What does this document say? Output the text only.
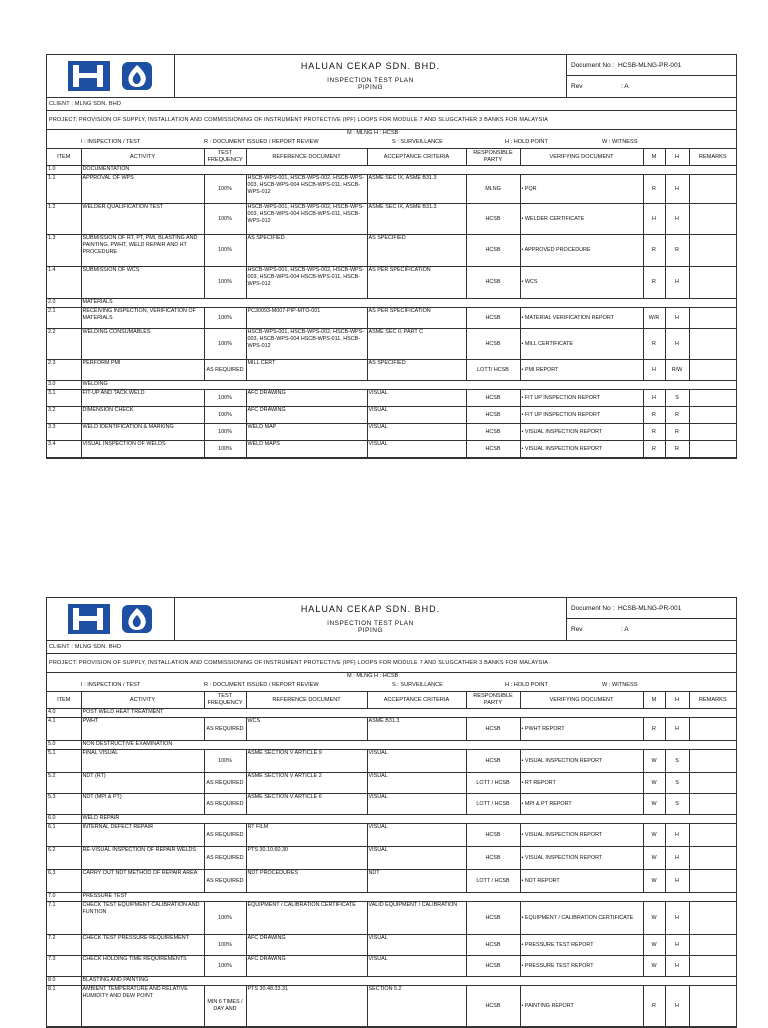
C
HALUAN CEKAP SDN. BHD.
INSPECTION TEST PLAN
PIPING
Document No :
HCSB-MLNG-PR-001
Rev	: A
CLIENT : MLNG SDN. BHD
PROJECT: PROVISION OF SUPPLY, INSTALLATION AND COMMISSIONING OF INSTRUMENT PROTECTIVE (IPF) LOOPS FOR MODULE 7 AND SLUGCATHER 3 BANKS FOR MALAYSIA
M : MLNG H : HCSB
I : INSPECTION / TEST	R : DOCUMENT ISSUED / REPORT REVIEW	S : SURVEILLANCE	H : HOLD POINT	W : WITNESS
ITEM	ACTIVITY	TEST FREQUENCY	REFERENCE DOCUMENT	ACCEPTANCE CRITERIA	RESPONSIBLE PARTY	VERIFYING DOCUMENT	M	H	REMARKS
1.0	DOCUMENTATION								
1.1	APPROVAL OF WPS	100%	HSCB-WPS-001, HSCB-WPS-002, HSCB-WPS-003, HSCB-WPS-004 HSCB-WPS-011, HSCB-WPS-012	ASME SEC IX, ASME B31.3	MLNG	• PQR	R	H	
1.2	WELDER QUALIFICATION TEST	100%	HSCB-WPS-001, HSCB-WPS-002, HSCB-WPS-003, HSCB-WPS-004 HSCB-WPS-011, HSCB-WPS-012	ASME SEC IX, ASME B31.3	HCSB	• WELDER CERTIFICATE	H	H	
1.3	SUBMISSION OF RT, PT, PMI, BLASTING AND PAINTING, PWHT, WELD REPAIR AND HT PROCEDURE	100%	AS SPECIFIED	AS SPECIFIED	HCSB	• APPROVED PROCEDURE	R	R	
1.4	SUBMISSION OF WCS	100%	HSCB-WPS-001, HSCB-WPS-002, HSCB-WPS-003, HSCB-WPS-004 HSCB-WPS-011, HSCB-WPS-012	AS PER SPECIFICATION	HCSB	• WCS	R	H	
2.0	MATERIALS								
2.1	RECEIVING INSPECTION, VERIFICATION OF MATERIALS	100%	PC30093-M007-PIP-MTO-001	AS PER SPECIFICATION	HCSB	• MATERIAL VERIFICATION REPORT	W/R	H	
2.2	WELDING CONSUMABLES	100%	HSCB-WPS-001, HSCB-WPS-002, HSCB-WPS-003, HSCB-WPS-004 HSCB-WPS-011, HSCB-WPS-012	ASME SEC II, PART C	HCSB	• MILL CERTIFICATE	R	H	
2.3	PERFORM PMI	AS REQUIRED	MILL CERT	AS SPECIFIED	LOTT/ HCSB	• PMI REPORT	H	R/W	
3.0	WELDING								
3.1	FIT-UP AND TACK WELD	100%	AFC DRAWING	VISUAL	HCSB	• FIT UP INSPECTION REPORT	H	S	
3.2	DIMENSION CHECK	100%	AFC DRAWING	VISUAL	HCSB	• FIT UP INSPECTION REPORT	R	R	
3.3	WELD IDENTIFICATION & MARKING	100%	WELD MAP	VISUAL	HCSB	• VISUAL INSPECTION REPORT	R	R	
3.4	VISUAL INSPECTION OF WELDS	100%	WELD MAPS	VISUAL	HCSB	• VISUAL INSPECTION REPORT	R	R	
C
HALUAN CEKAP SDN. BHD.
INSPECTION TEST PLAN
PIPING
Document No :
HCSB-MLNG-PR-001
Rev	: A
CLIENT : MLNG SDN. BHD
PROJECT: PROVISION OF SUPPLY, INSTALLATION AND COMMISSIONING OF INSTRUMENT PROTECTIVE (IPF) LOOPS FOR MODULE 7 AND SLUGCATHER 3 BANKS FOR MALAYSIA
M : MLNG H : HCSB
I : INSPECTION / TEST	R : DOCUMENT ISSUED / REPORT REVIEW	S : SURVEILLANCE	H : HOLD POINT	W : WITNESS
ITEM	ACTIVITY	TEST FREQUENCY	REFERENCE DOCUMENT	ACCEPTANCE CRITERIA	RESPONSIBLE PARTY	VERIFYING DOCUMENT	M	H	REMARKS
4.0	POST WELD HEAT TREATMENT								
4.1	PWHT	AS REQUIRED	WCS	ASME B31.3	HCSB	• PWHT REPORT	R	H	
5.0	NON DESTRUCTIVE EXAMINATION								
5.1	FINAL VISUAL	100%	ASME SECTION V ARTICLE 9	VISUAL	HCSB	• VISUAL INSPECTION REPORT	W	S	
5.2	NDT (RT)	AS REQUIRED	ASME SECTION V ARTICLE 2	VISUAL	LOTT / HCSB	• RT REPORT	W	S	
5.3	NDT (MPI & PT)	AS REQUIRED	ASME SECTION V ARTICLE 6	VISUAL	LOTT / HCSB	• MPI & PT REPORT	W	S	
6.0	WELD REPAIR								
6.1	INTERNAL DEFECT REPAIR	AS REQUIRED	RT FILM	VISUAL	HCSB	• VISUAL INSPECTION REPORT	W	H	
6.2	RE-VISUAL INSPECTION OF REPAIR WELDS	AS REQUIRED	PTS 30.10.60.30	VISUAL	HCSB	• VISUAL INSPECTION REPORT	W	H	
6.3	CARRY OUT NDT METHOD OF REPAIR AREA	AS REQUIRED	NDT PROCEDURES	NDT	LOTT / HCSB	• NDT REPORT	W	H	
7.0	PRESSURE TEST								
7.1	CHECK TEST EQUIPMENT CALIBRATION AND FUNTION	100%	EQUIPMENT / CALIBRATION CERTIFICATE	VALID EQUIPMENT / CALIBRATION	HCSB	• EQUIPMENT / CALIBRATION CERTIFICATE	W	H	
7.2	CHECK TEST PRESSURE REQUIREMENT	100%	AFC DRAWING	VISUAL	HCSB	• PRESSURE TEST REPORT	W	H	
7.3	CHECK HOLDING TIME REQUIREMENTS	100%	AFC DRAWING	VISUAL	HCSB	• PRESSURE TEST REPORT	W	H	
8.0	BLASTING AND PAINTING								
8.1	AMBIENT TEMPERATURE AND RELATIVE HUMIDITY AND DEW POINT	MIN 6 TIMES / DAY AND	PTS 30.48.33.31	SECTION 5.2	HCSB	• PAINTING REPORT	R	H	
